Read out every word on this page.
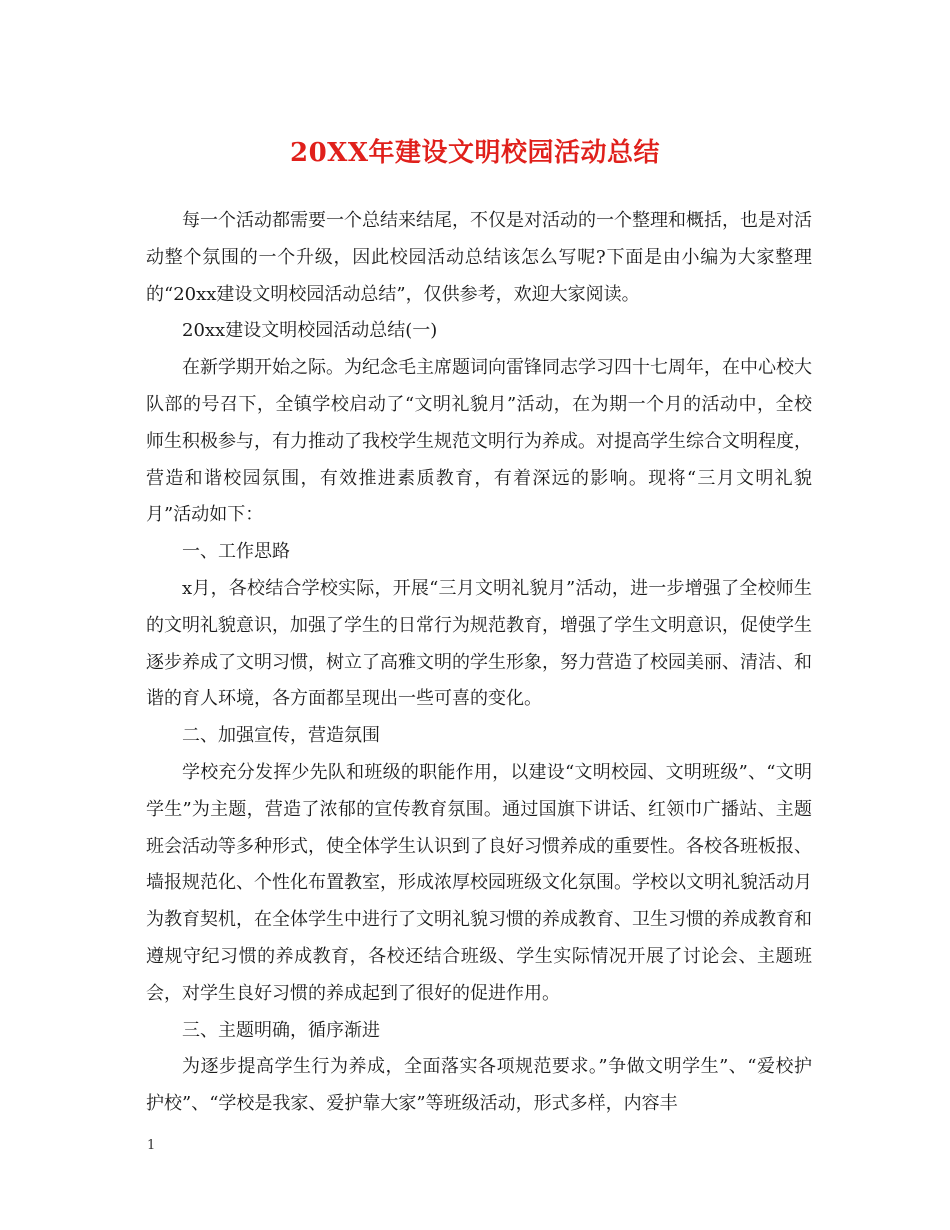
20XX年建设文明校园活动总结

每一个活动都需要一个总结来结尾，不仅是对活动的一个整理和概括，也是对活动整个氛围的一个升级，因此校园活动总结该怎么写呢?下面是由小编为大家整理的“20xx建设文明校园活动总结”，仅供参考，欢迎大家阅读。

20xx建设文明校园活动总结(一)

在新学期开始之际。为纪念毛主席题词向雷锋同志学习四十七周年，在中心校大队部的号召下，全镇学校启动了“文明礼貌月”活动，在为期一个月的活动中，全校师生积极参与，有力推动了我校学生规范文明行为养成。对提高学生综合文明程度，营造和谐校园氛围，有效推进素质教育，有着深远的影响。现将“三月文明礼貌月”活动如下：

一、工作思路

x月，各校结合学校实际，开展“三月文明礼貌月”活动，进一步增强了全校师生的文明礼貌意识，加强了学生的日常行为规范教育，增强了学生文明意识，促使学生逐步养成了文明习惯，树立了高雅文明的学生形象，努力营造了校园美丽、清洁、和谐的育人环境，各方面都呈现出一些可喜的变化。

二、加强宣传，营造氛围

学校充分发挥少先队和班级的职能作用，以建设“文明校园、文明班级”、“文明学生”为主题，营造了浓郁的宣传教育氛围。通过国旗下讲话、红领巾广播站、主题班会活动等多种形式，使全体学生认识到了良好习惯养成的重要性。各校各班板报、墙报规范化、个性化布置教室，形成浓厚校园班级文化氛围。学校以文明礼貌活动月为教育契机，在全体学生中进行了文明礼貌习惯的养成教育、卫生习惯的养成教育和遵规守纪习惯的养成教育，各校还结合班级、学生实际情况开展了讨论会、主题班会，对学生良好习惯的养成起到了很好的促进作用。

三、主题明确，循序渐进

为逐步提高学生行为养成，全面落实各项规范要求。”争做文明学生”、“爱校护护校”、“学校是我家、爱护靠大家”等班级活动，形式多样，内容丰

1
